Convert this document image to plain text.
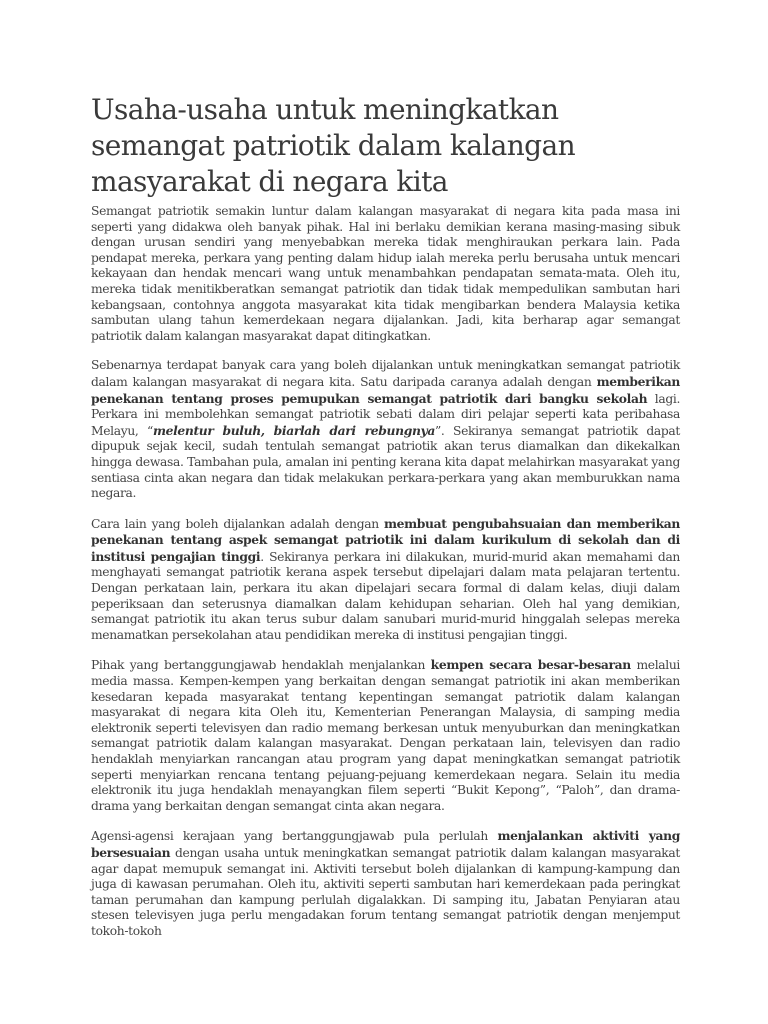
Usaha-usaha untuk meningkatkan semangat patriotik dalam kalangan masyarakat di negara kita

Semangat patriotik semakin luntur dalam kalangan masyarakat di negara kita pada masa ini seperti yang didakwa oleh banyak pihak. Hal ini berlaku demikian kerana masing-masing sibuk dengan urusan sendiri yang menyebabkan mereka tidak menghiraukan perkara lain. Pada pendapat mereka, perkara yang penting dalam hidup ialah mereka perlu berusaha untuk mencari kekayaan dan hendak mencari wang untuk menambahkan pendapatan semata-mata. Oleh itu, mereka tidak menitikberatkan semangat patriotik dan tidak tidak mempedulikan sambutan hari kebangsaan, contohnya anggota masyarakat kita tidak mengibarkan bendera Malaysia ketika sambutan ulang tahun kemerdekaan negara dijalankan. Jadi, kita berharap agar semangat patriotik dalam kalangan masyarakat dapat ditingkatkan.

Sebenarnya terdapat banyak cara yang boleh dijalankan untuk meningkatkan semangat patriotik dalam kalangan masyarakat di negara kita. Satu daripada caranya adalah dengan memberikan penekanan tentang proses pemupukan semangat patriotik dari bangku sekolah lagi. Perkara ini membolehkan semangat patriotik sebati dalam diri pelajar seperti kata peribahasa Melayu, “melentur buluh, biarlah dari rebungnya”. Sekiranya semangat patriotik dapat dipupuk sejak kecil, sudah tentulah semangat patriotik akan terus diamalkan dan dikekalkan hingga dewasa. Tambahan pula, amalan ini penting kerana kita dapat melahirkan masyarakat yang sentiasa cinta akan negara dan tidak melakukan perkara-perkara yang akan memburukkan nama negara.

Cara lain yang boleh dijalankan adalah dengan membuat pengubahsuaian dan memberikan penekanan tentang aspek semangat patriotik ini dalam kurikulum di sekolah dan di institusi pengajian tinggi. Sekiranya perkara ini dilakukan, murid-murid akan memahami dan menghayati semangat patriotik kerana aspek tersebut dipelajari dalam mata pelajaran tertentu. Dengan perkataan lain, perkara itu akan dipelajari secara formal di dalam kelas, diuji dalam peperiksaan dan seterusnya diamalkan dalam kehidupan seharian. Oleh hal yang demikian, semangat patriotik itu akan terus subur dalam sanubari murid-murid hinggalah selepas mereka menamatkan persekolahan atau pendidikan mereka di institusi pengajian tinggi.

Pihak yang bertanggungjawab hendaklah menjalankan kempen secara besar-besaran melalui media massa. Kempen-kempen yang berkaitan dengan semangat patriotik ini akan memberikan kesedaran kepada masyarakat tentang kepentingan semangat patriotik dalam kalangan masyarakat di negara kita Oleh itu, Kementerian Penerangan Malaysia, di samping media elektronik seperti televisyen dan radio memang berkesan untuk menyuburkan dan meningkatkan semangat patriotik dalam kalangan masyarakat. Dengan perkataan lain, televisyen dan radio hendaklah menyiarkan rancangan atau program yang dapat meningkatkan semangat patriotik seperti menyiarkan rencana tentang pejuang-pejuang kemerdekaan negara. Selain itu media elektronik itu juga hendaklah menayangkan filem seperti “Bukit Kepong”, “Paloh”, dan drama-drama yang berkaitan dengan semangat cinta akan negara.

Agensi-agensi kerajaan yang bertanggungjawab pula perlulah menjalankan aktiviti yang bersesuaian dengan usaha untuk meningkatkan semangat patriotik dalam kalangan masyarakat agar dapat memupuk semangat ini. Aktiviti tersebut boleh dijalankan di kampung-kampung dan juga di kawasan perumahan. Oleh itu, aktiviti seperti sambutan hari kemerdekaan pada peringkat taman perumahan dan kampung perlulah digalakkan. Di samping itu, Jabatan Penyiaran atau stesen televisyen juga perlu mengadakan forum tentang semangat patriotik dengan menjemput tokoh-tokoh
